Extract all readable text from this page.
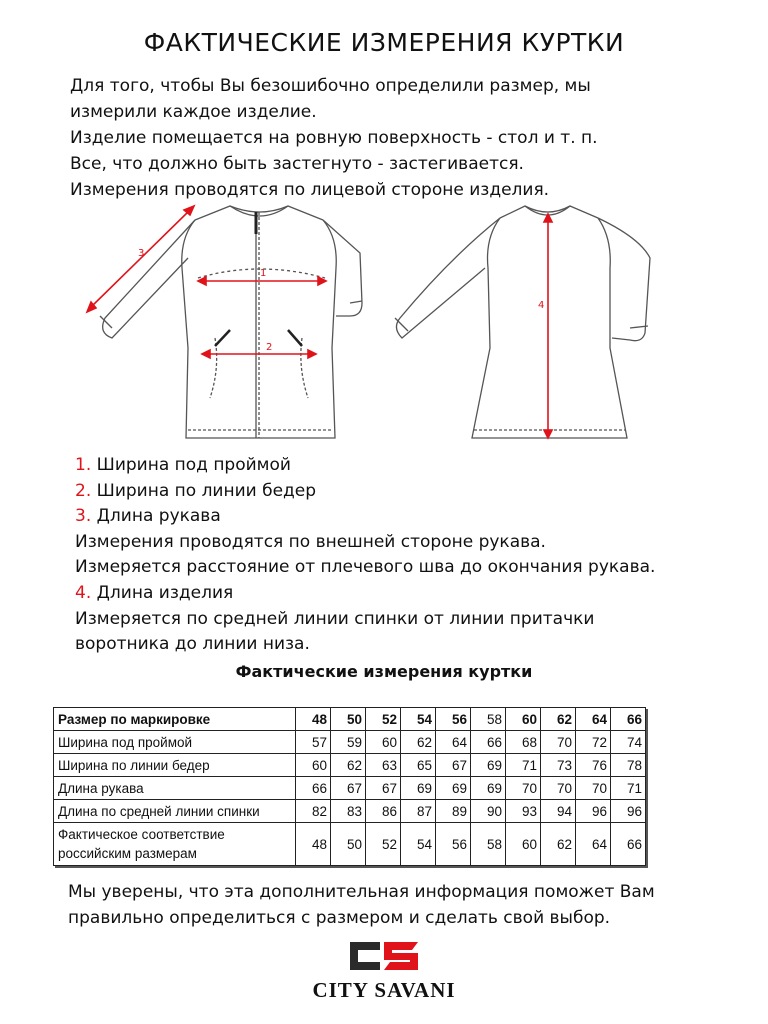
ФАКТИЧЕСКИЕ ИЗМЕРЕНИЯ КУРТКИ
Для того, чтобы Вы безошибочно определили размер, мы
измерили каждое изделие.
Изделие помещается на ровную поверхность - стол и т. п.
Все, что должно быть застегнуто - застегивается.
Измерения проводятся по лицевой стороне изделия.
1
2
3
4
1. Ширина под проймой
2. Ширина по линии бедер
3. Длина рукава
Измерения проводятся по внешней стороне рукава.
Измеряется расстояние от плечевого шва до окончания рукава.
4. Длина изделия
Измеряется по средней линии спинки от линии притачки
воротника до линии низа.
Фактические измерения куртки
Размер по маркировке	48	50	52	54	56	58	60	62	64	66
Ширина под проймой	57	59	60	62	64	66	68	70	72	74
Ширина по линии бедер	60	62	63	65	67	69	71	73	76	78
Длина рукава	66	67	67	69	69	69	70	70	70	71
Длина по средней линии спинки	82	83	86	87	89	90	93	94	96	96

Фактическое соответствие
российским размерам	48	50	52	54	56	58	60	62	64	66
Мы уверены, что эта дополнительная информация поможет Вам
правильно определиться с размером и сделать свой выбор.
CITY SAVANI
